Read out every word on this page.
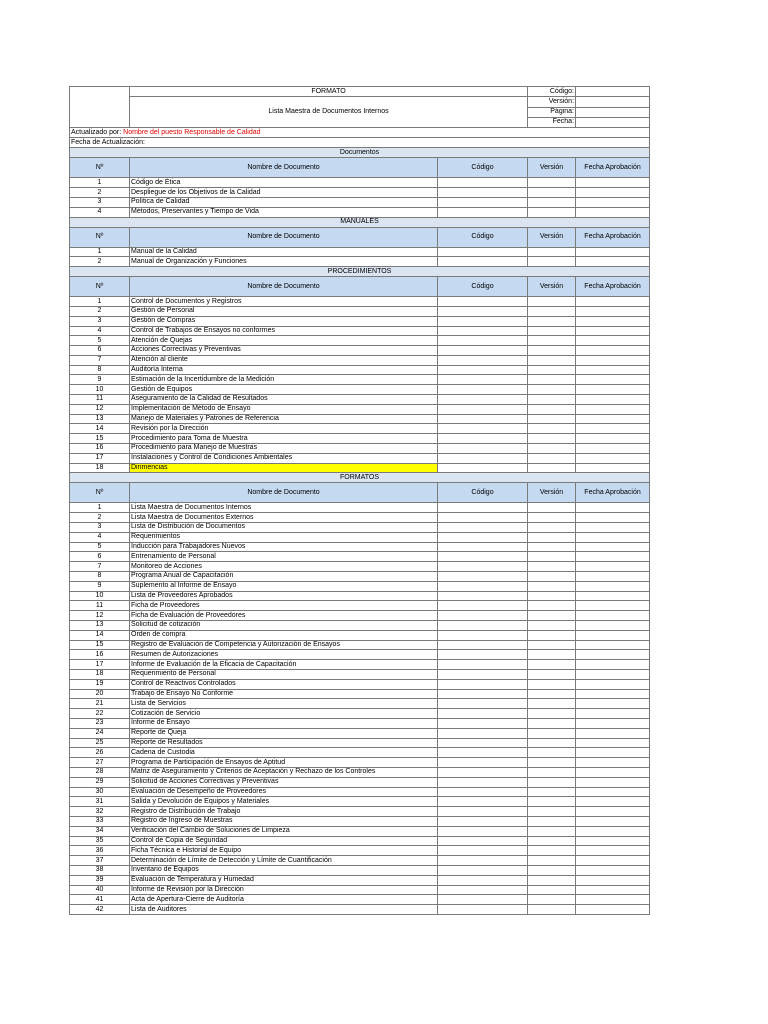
	FORMATO		Código:	
	Lista Maestra de Documentos Internos		Versión:	
			Página:	
			Fecha:	
Actualizado por: Nombre del puesto Responsable de Calidad				
Fecha de Actualización:				
Documentos				
Nº	Nombre de Documento	Código	Versión	Fecha Aprobación
1	Código de Ética			
2	Despliegue de los Objetivos de la Calidad			
3	Política de Calidad			
4	Métodos, Preservantes y Tiempo de Vida			
MANUALES				
Nº	Nombre de Documento	Código	Versión	Fecha Aprobación
1	Manual de la Calidad			
2	Manual de Organización y Funciones			
PROCEDIMIENTOS				
Nº	Nombre de Documento	Código	Versión	Fecha Aprobación
1	Control de Documentos y Registros			
2	Gestión de Personal			
3	Gestión de Compras			
4	Control de Trabajos de Ensayos no conformes			
5	Atención de Quejas			
6	Acciones Correctivas y Preventivas			
7	Atención al cliente			
8	Auditoría Interna			
9	Estimación de la Incertidumbre de la Medición			
10	Gestión de Equipos			
11	Aseguramiento de la Calidad de Resultados			
12	Implementación de Método de Ensayo			
13	Manejo de Materiales y Patrones de Referencia			
14	Revisión por la Dirección			
15	Procedimiento para Toma de Muestra			
16	Procedimiento para Manejo de Muestras			
17	Instalaciones y Control de Condiciones Ambientales			
18	Dirimencias			
FORMATOS				
Nº	Nombre de Documento	Código	Versión	Fecha Aprobación
1	Lista Maestra de Documentos Internos			
2	Lista Maestra de Documentos Externos			
3	Lista de Distribución de Documentos			
4	Requerimientos			
5	Inducción para Trabajadores Nuevos			
6	Entrenamiento de Personal			
7	Monitoreo de Acciones			
8	Programa Anual de Capacitación			
9	Suplemento al Informe de Ensayo			
10	Lista de Proveedores Aprobados			
11	Ficha de Proveedores			
12	Ficha de Evaluación de Proveedores			
13	Solicitud de cotización			
14	Orden de compra			
15	Registro de Evaluación de Competencia y Autorización de Ensayos			
16	Resumen de Autorizaciones			
17	Informe de Evaluación de la Eficacia de Capacitación			
18	Requerimiento de Personal			
19	Control de Reactivos Controlados			
20	Trabajo de Ensayo No Conforme			
21	Lista de Servicios			
22	Cotización de Servicio			
23	Informe de Ensayo			
24	Reporte de Queja			
25	Reporte de Resultados			
26	Cadena de Custodia			
27	Programa de Participación de Ensayos de Aptitud			
28	Matriz de Aseguramiento y Criterios de Aceptación y Rechazo de los Controles			
29	Solicitud de Acciones Correctivas y Preventivas			
30	Evaluación de Desempeño de Proveedores			
31	Salida y Devolución de Equipos y Materiales			
32	Registro de Distribución de Trabajo			
33	Registro de Ingreso de Muestras			
34	Verificación del Cambio de Soluciones de Limpieza			
35	Control de Copia de Seguridad			
36	Ficha Técnica e Historial de Equipo			
37	Determinación de Límite de Detección y Límite de Cuantificación			
38	Inventario de Equipos			
39	Evaluación de Temperatura y Humedad			
40	Informe de Revisión por la Dirección			
41	Acta de Apertura-Cierre de Auditoría			
42	Lista de Auditores			
